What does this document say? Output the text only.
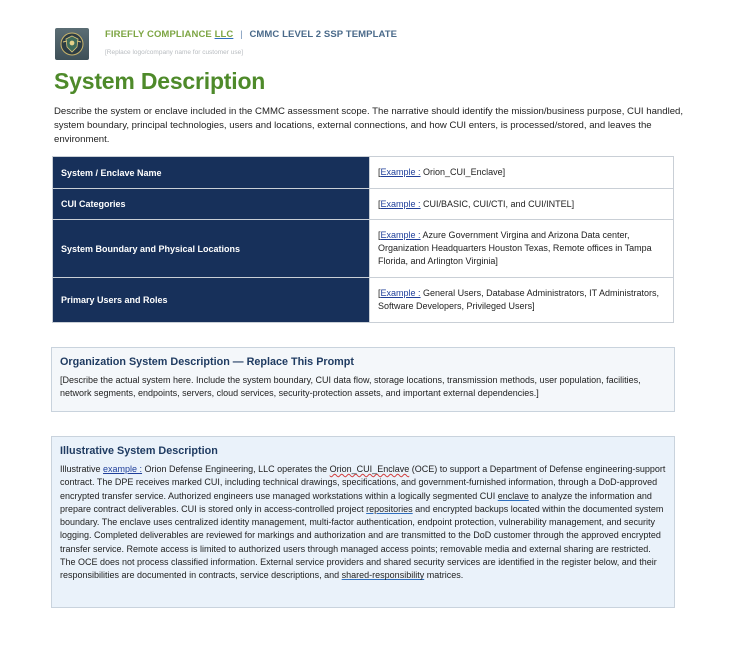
FIREFLY COMPLIANCE LLC | CMMC LEVEL 2 SSP TEMPLATE
[Replace logo/company name for customer use]
System Description
Describe the system or enclave included in the CMMC assessment scope. The narrative should identify the mission/business purpose, CUI handled, system boundary, principal technologies, users and locations, external connections, and how CUI enters, is processed/stored, and leaves the environment.
System / Enclave Name	[Example : Orion_CUI_Enclave]
CUI Categories	[Example : CUI/BASIC, CUI/CTI, and CUI/INTEL]
System Boundary and Physical Locations	[Example : Azure Government Virgina and Arizona Data center, Organization Headquarters Houston Texas, Remote offices in Tampa Florida, and Arlington Virginia]
Primary Users and Roles	[Example : General Users, Database Administrators, IT Administrators, Software Developers, Privileged Users]
Organization System Description — Replace This Prompt

[Describe the actual system here. Include the system boundary, CUI data flow, storage locations, transmission methods, user population, facilities, network segments, endpoints, servers, cloud services, security-protection assets, and important external dependencies.]

Illustrative System Description

Illustrative example : Orion Defense Engineering, LLC operates the Orion_CUI_Enclave (OCE) to support a Department of Defense engineering-support contract. The DPE receives marked CUI, including technical drawings, specifications, and government-furnished information, through a DoD-approved encrypted transfer service. Authorized engineers use managed workstations within a logically segmented CUI enclave to analyze the information and prepare contract deliverables. CUI is stored only in access-controlled project repositories and encrypted backups located within the documented system boundary. The enclave uses centralized identity management, multi-factor authentication, endpoint protection, vulnerability management, and security logging. Completed deliverables are reviewed for markings and authorization and are transmitted to the DoD customer through the approved encrypted transfer service. Remote access is limited to authorized users through managed access points; removable media and external sharing are restricted. The OCE does not process classified information. External service providers and shared security services are identified in the register below, and their responsibilities are documented in contracts, service descriptions, and shared-responsibility matrices.
